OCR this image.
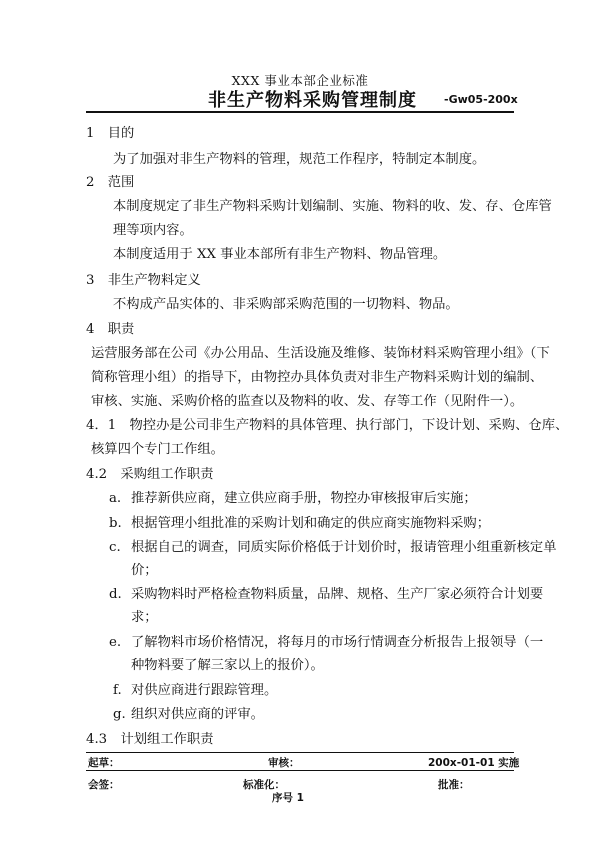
XXX 事业本部企业标准
非生产物料采购管理制度 -Gw05-200x
1　目的
为了加强对非生产物料的管理，规范工作程序，特制定本制度。
2　范围
本制度规定了非生产物料采购计划编制、实施、物料的收、发、存、仓库管
理等项内容。
本制度适用于 XX 事业本部所有非生产物料、物品管理。
3　非生产物料定义
不构成产品实体的、非采购部采购范围的一切物料、物品。
4　职责
运营服务部在公司《办公用品、生活设施及维修、装饰材料采购管理小组》（下
简称管理小组）的指导下，由物控办具体负责对非生产物料采购计划的编制、
审核、实施、采购价格的监查以及物料的收、发、存等工作（见附件一）。
4．1　物控办是公司非生产物料的具体管理、执行部门，下设计划、采购、仓库、
核算四个专门工作组。
4.2　采购组工作职责
a. 推荐新供应商，建立供应商手册，物控办审核报审后实施；
b. 根据管理小组批准的采购计划和确定的供应商实施物料采购；
c. 根据自己的调查，同质实际价格低于计划价时，报请管理小组重新核定单
价；
d. 采购物料时严格检查物料质量，品牌、规格、生产厂家必须符合计划要
求；
e. 了解物料市场价格情况，将每月的市场行情调查分析报告上报领导（一
种物料要了解三家以上的报价）。
f. 对供应商进行跟踪管理。
g. 组织对供应商的评审。
4.3　计划组工作职责
起草：	审核：	200x-01-01 实施
会签：	标准化：	批准：
序号 1
